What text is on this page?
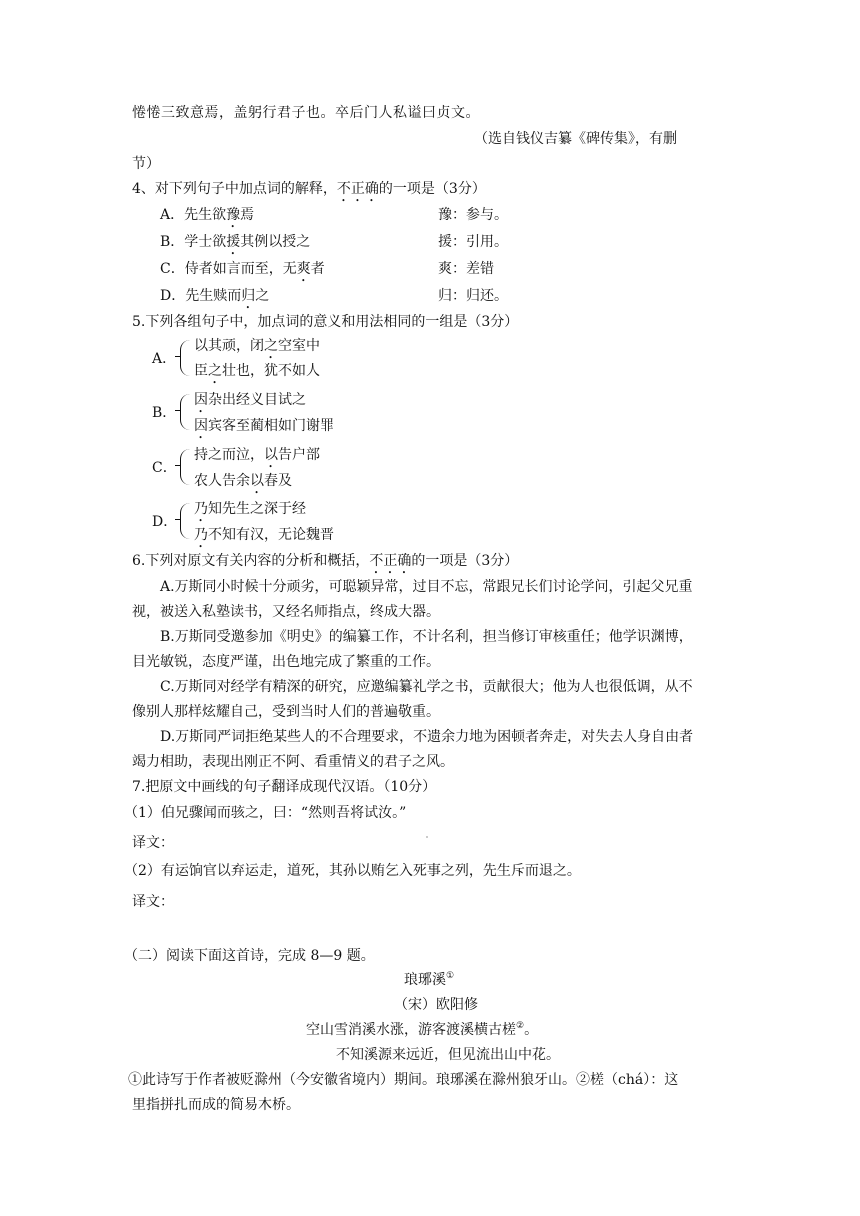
惓惓三致意焉，盖躬行君子也。卒后门人私谥曰贞文。
（选自钱仪吉纂《碑传集》，有删
节）
4、对下列句子中加点词的解释，不正确的一项是（3分）
A．先生欲豫焉	豫：参与。
B．学士欲援其例以授之	援：引用。
C．侍者如言而至，无爽者	爽：差错
D．先生赎而归之	归：归还。
5.下列各组句子中，加点词的意义和用法相同的一组是（3分）
A．
以其顽，闭之空室中
臣之壮也，犹不如人
B．
因杂出经义目试之
因宾客至蔺相如门谢罪
C．
持之而泣，以告户部
农人告余以春及
D．
乃知先生之深于经
乃不知有汉，无论魏晋
6.下列对原文有关内容的分析和概括，不正确的一项是（3分）
A.万斯同小时候十分顽劣，可聪颖异常，过目不忘，常跟兄长们讨论学问，引起父兄重
视，被送入私塾读书，又经名师指点，终成大器。
B.万斯同受邀参加《明史》的编纂工作，不计名利，担当修订审核重任；他学识渊博，
目光敏锐，态度严谨，出色地完成了繁重的工作。
C.万斯同对经学有精深的研究，应邀编纂礼学之书，贡献很大；他为人也很低调，从不
像别人那样炫耀自己，受到当时人们的普遍敬重。
D.万斯同严词拒绝某些人的不合理要求，不遗余力地为困顿者奔走，对失去人身自由者
竭力相助，表现出刚正不阿、看重情义的君子之风。
7.把原文中画线的句子翻译成现代汉语。（10分）
（1）伯兄骤闻而骇之，曰：“然则吾将试汝。”
译文：
（2）有运饷官以弃运走，道死，其孙以贿乞入死事之列，先生斥而退之。
译文：
（二）阅读下面这首诗，完成 8—9 题。
琅琊溪①
（宋）欧阳修
空山雪消溪水涨，游客渡溪横古槎②。
不知溪源来远近，但见流出山中花。
①此诗写于作者被贬滁州（今安徽省境内）期间。琅琊溪在滁州狼牙山。②槎（chá）：这
里指拼扎而成的简易木桥。
